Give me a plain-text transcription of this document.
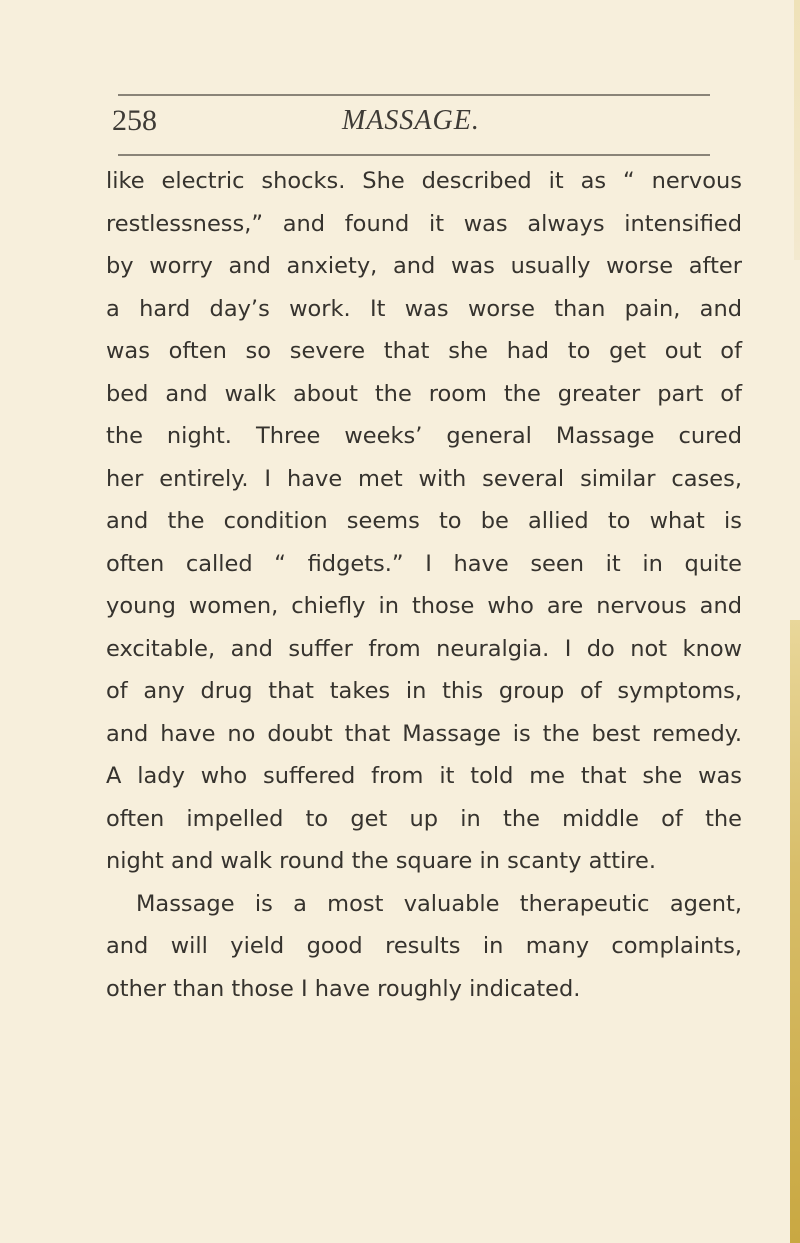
258	MASSAGE.
like electric shocks. She described it as “ nervous
restlessness,” and found it was always intensified
by worry and anxiety, and was usually worse after
a hard day’s work. It was worse than pain, and
was often so severe that she had to get out of
bed and walk about the room the greater part of
the night. Three weeks’ general Massage cured
her entirely. I have met with several similar cases,
and the condition seems to be allied to what is
often called “ fidgets.” I have seen it in quite
young women, chiefly in those who are nervous and
excitable, and suffer from neuralgia. I do not know
of any drug that takes in this group of symptoms,
and have no doubt that Massage is the best remedy.
A lady who suffered from it told me that she was
often impelled to get up in the middle of the
night and walk round the square in scanty attire.
Massage is a most valuable therapeutic agent,
and will yield good results in many complaints,
other than those I have roughly indicated.
